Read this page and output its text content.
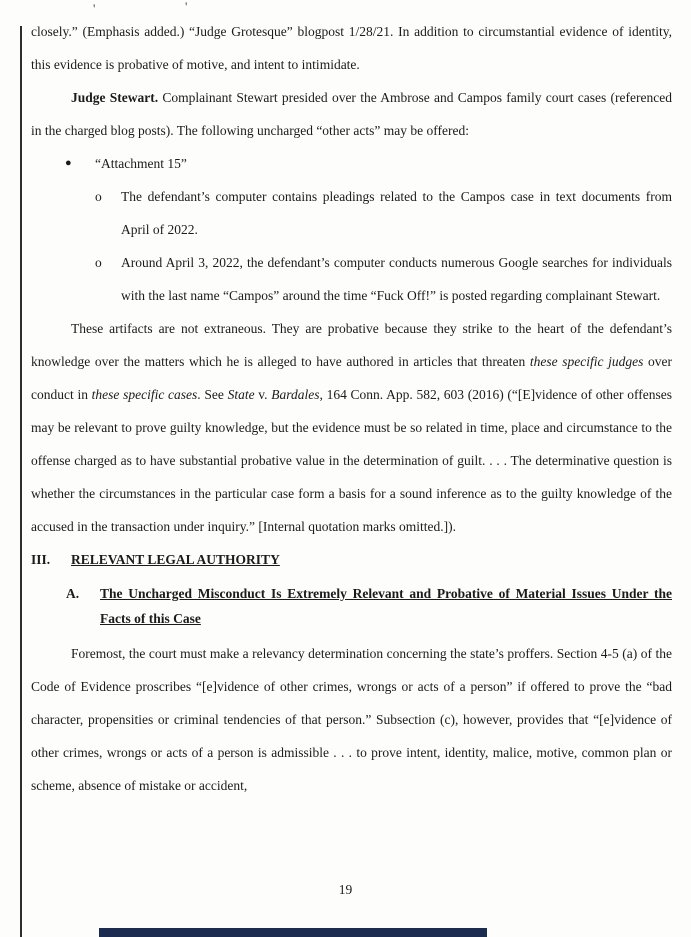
'	'

closely.” (Emphasis added.) “Judge Grotesque” blogpost 1/28/21. In addition to circumstantial evidence of identity, this evidence is probative of motive, and intent to intimidate.

Judge Stewart. Complainant Stewart presided over the Ambrose and Campos family court cases (referenced in the charged blog posts). The following uncharged “other acts” may be offered:

● “Attachment 15”
o The defendant’s computer contains pleadings related to the Campos case in text documents from April of 2022.
o Around April 3, 2022, the defendant’s computer conducts numerous Google searches for individuals with the last name “Campos” around the time “Fuck Off!” is posted regarding complainant Stewart.

These artifacts are not extraneous. They are probative because they strike to the heart of the defendant’s knowledge over the matters which he is alleged to have authored in articles that threaten these specific judges over conduct in these specific cases. See State v. Bardales, 164 Conn. App. 582, 603 (2016) (“[E]vidence of other offenses may be relevant to prove guilty knowledge, but the evidence must be so related in time, place and circumstance to the offense charged as to have substantial probative value in the determination of guilt. . . . The determinative question is whether the circumstances in the particular case form a basis for a sound inference as to the guilty knowledge of the accused in the transaction under inquiry.” [Internal quotation marks omitted.]).

III. RELEVANT LEGAL AUTHORITY
A. The Uncharged Misconduct Is Extremely Relevant and Probative of Material Issues Under the Facts of this Case

Foremost, the court must make a relevancy determination concerning the state’s proffers. Section 4-5 (a) of the Code of Evidence proscribes “[e]vidence of other crimes, wrongs or acts of a person” if offered to prove the “bad character, propensities or criminal tendencies of that person.” Subsection (c), however, provides that “[e]vidence of other crimes, wrongs or acts of a person is admissible . . . to prove intent, identity, malice, motive, common plan or scheme, absence of mistake or accident,

19
